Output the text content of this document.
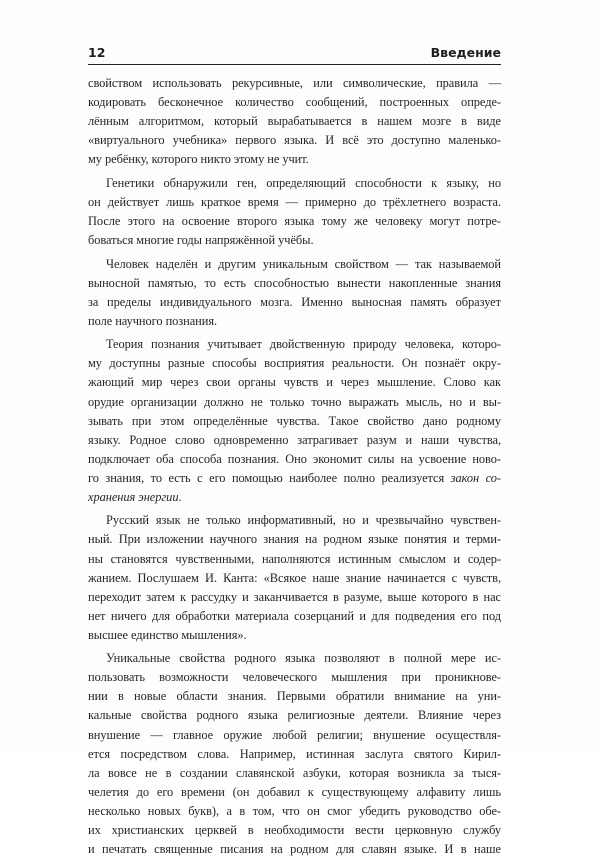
12	Введение
свойством использовать рекурсивные, или символические, правила —
кодировать бесконечное количество сообщений, построенных опреде-
лённым алгоритмом, который вырабатывается в нашем мозге в виде
«виртуального учебника» первого языка. И всё это доступно маленько-
му ребёнку, которого никто этому не учит.
Генетики обнаружили ген, определяющий способности к языку, но
он действует лишь краткое время — примерно до трёхлетнего возраста.
После этого на освоение второго языка тому же человеку могут потре-
боваться многие годы напряжённой учёбы.
Человек наделён и другим уникальным свойством — так называемой
выносной памятью, то есть способностью вынести накопленные знания
за пределы индивидуального мозга. Именно выносная память образует
поле научного познания.
Теория познания учитывает двойственную природу человека, которо-
му доступны разные способы восприятия реальности. Он познаёт окру-
жающий мир через свои органы чувств и через мышление. Слово как
орудие организации должно не только точно выражать мысль, но и вы-
зывать при этом определённые чувства. Такое свойство дано родному
языку. Родное слово одновременно затрагивает разум и наши чувства,
подключает оба способа познания. Оно экономит силы на усвоение ново-
го знания, то есть с его помощью наиболее полно реализуется закон со-
хранения энергии.
Русский язык не только информативный, но и чрезвычайно чувствен-
ный. При изложении научного знания на родном языке понятия и терми-
ны становятся чувственными, наполняются истинным смыслом и содер-
жанием. Послушаем И. Канта: «Всякое наше знание начинается с чувств,
переходит затем к рассудку и заканчивается в разуме, выше которого в нас
нет ничего для обработки материала созерцаний и для подведения его под
высшее единство мышления».
Уникальные свойства родного языка позволяют в полной мере ис-
пользовать возможности человеческого мышления при проникнове-
нии в новые области знания. Первыми обратили внимание на уни-
кальные свойства родного языка религиозные деятели. Влияние через
внушение — главное оружие любой религии; внушение осуществля-
ется посредством слова. Например, истинная заслуга святого Кирил-
ла вовсе не в создании славянской азбуки, которая возникла за тыся-
челетия до его времени (он добавил к существующему алфавиту лишь
несколько новых букв), а в том, что он смог убедить руководство обе-
их христианских церквей в необходимости вести церковную службу
и печатать священные писания на родном для славян языке. И в наше
